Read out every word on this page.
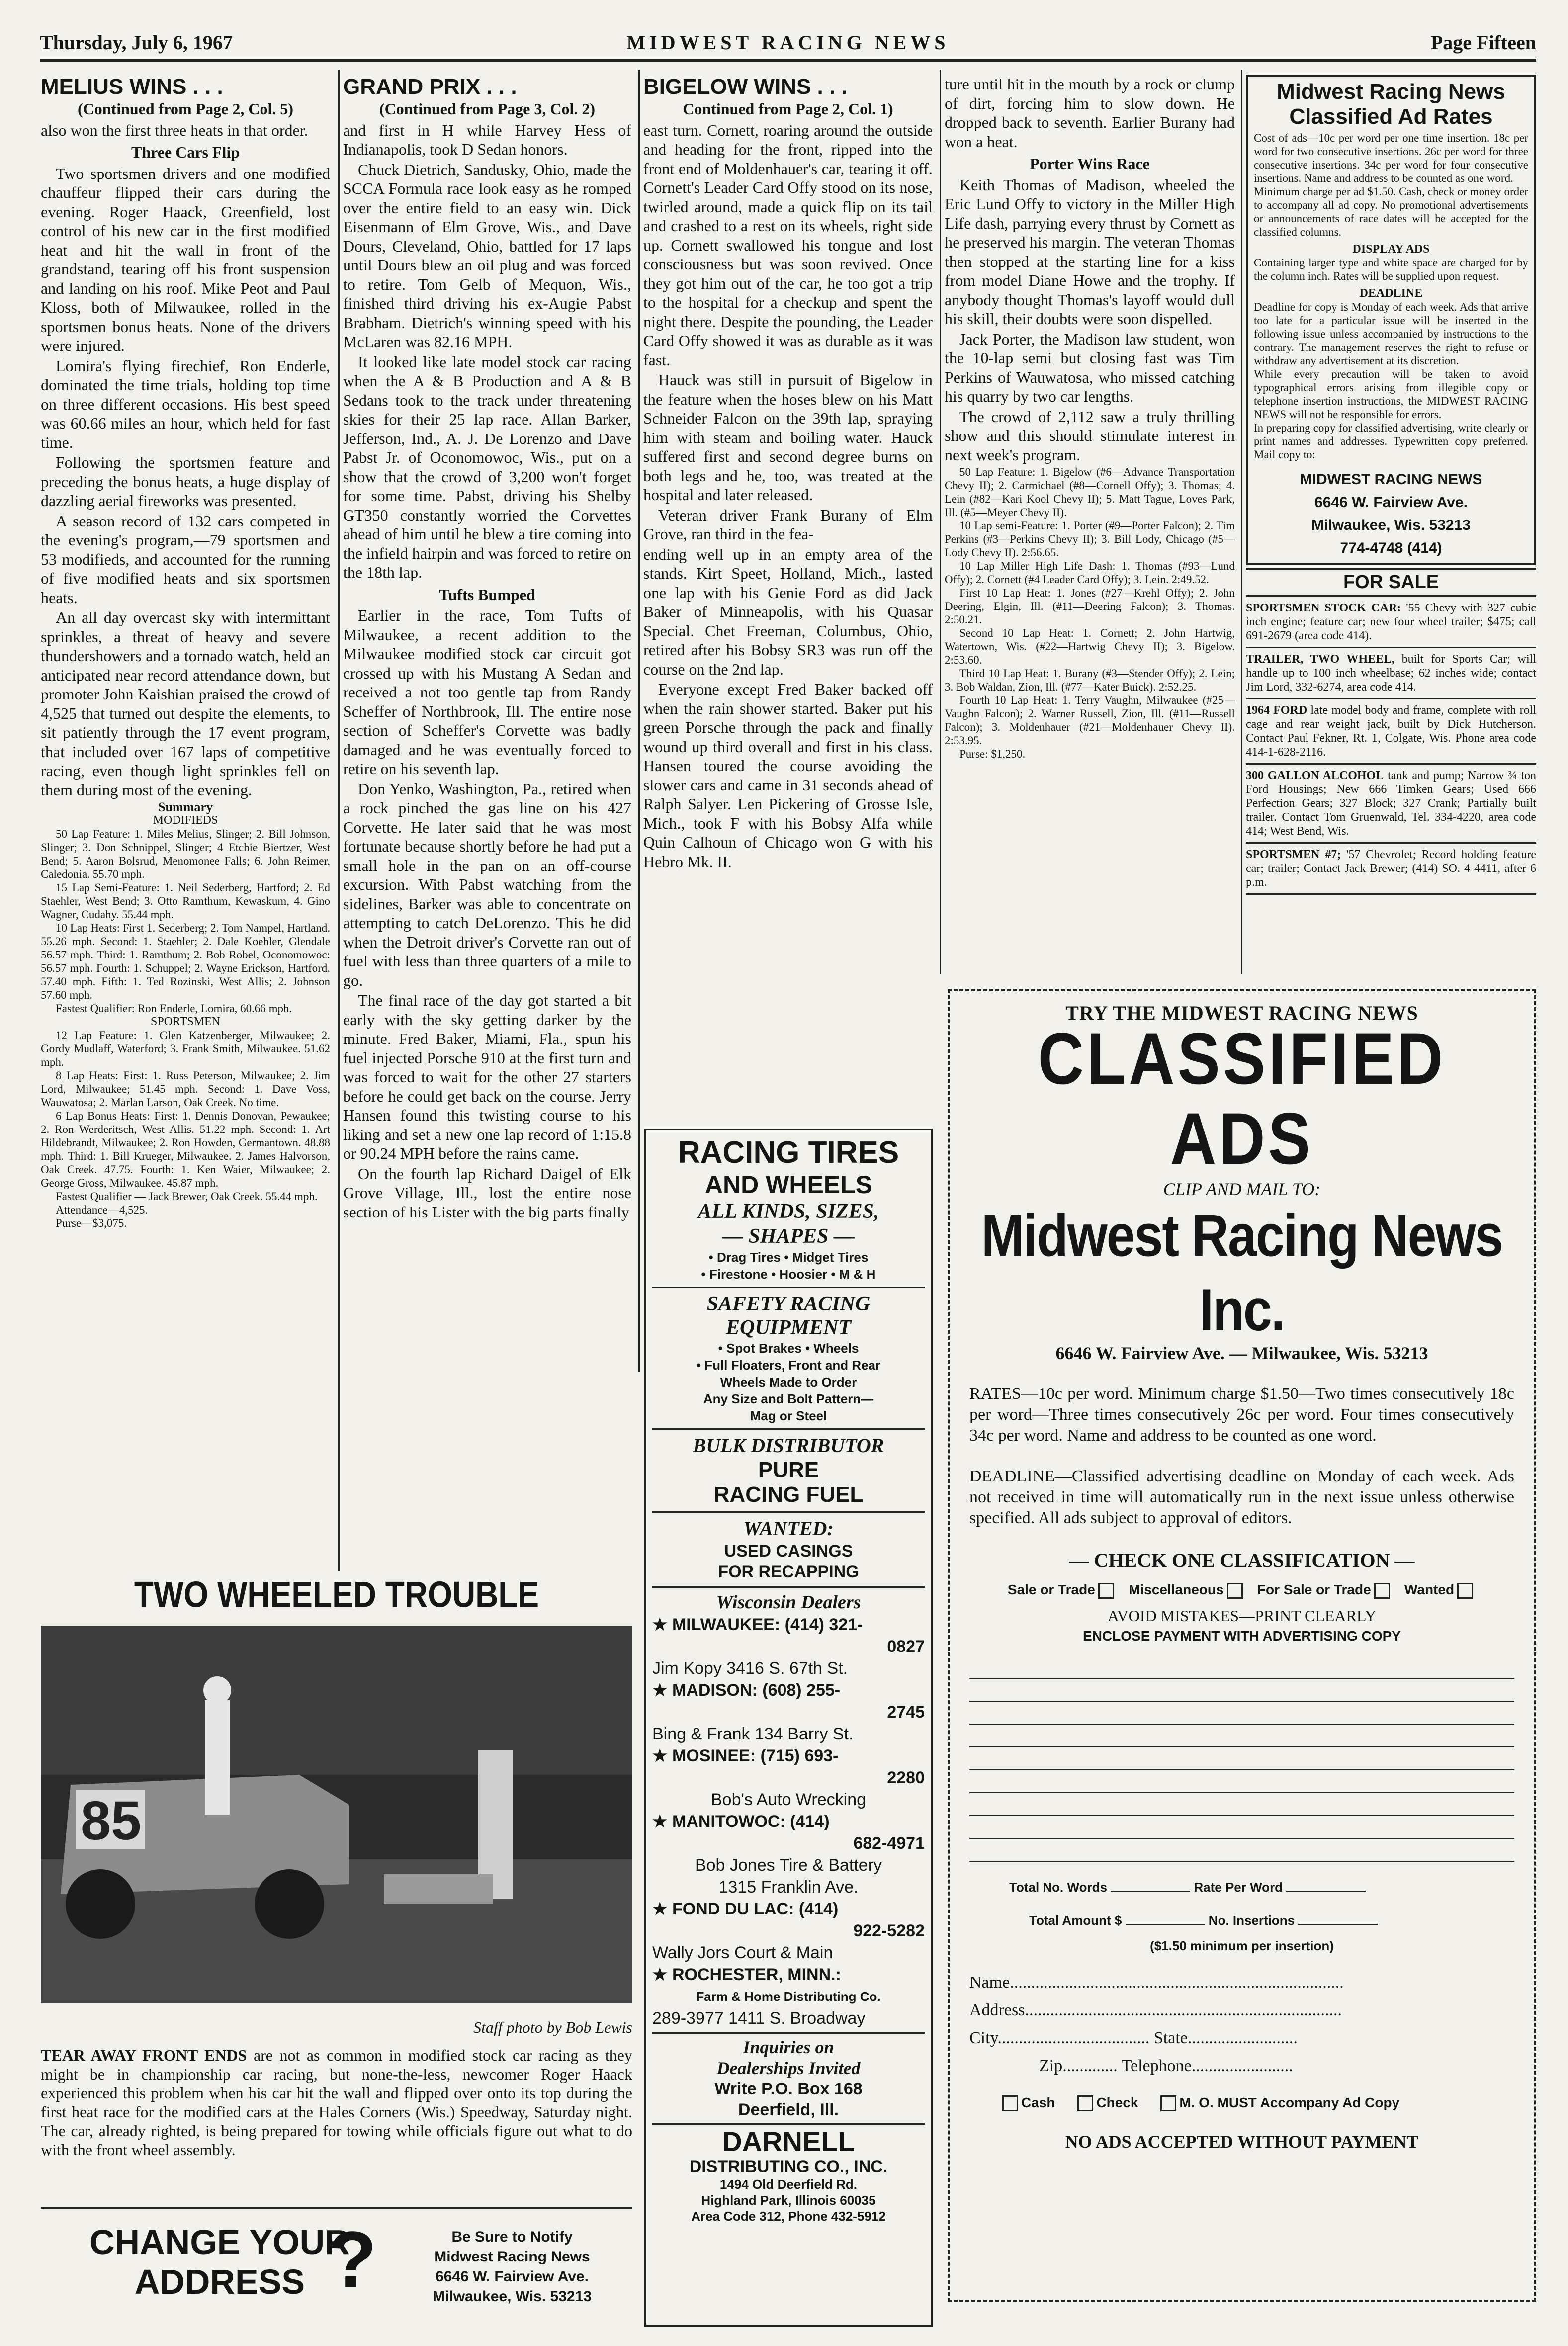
Thursday, July 6, 1967	MIDWEST RACING NEWS	Page Fifteen
MELIUS WINS . . .
(Continued from Page 2, Col. 5)

also won the first three heats in that order.

Three Cars Flip

Two sportsmen drivers and one modified chauffeur flipped their cars during the evening. Roger Haack, Greenfield, lost control of his new car in the first modified heat and hit the wall in front of the grandstand, tearing off his front suspension and landing on his roof. Mike Peot and Paul Kloss, both of Milwaukee, rolled in the sportsmen bonus heats. None of the drivers were injured.

Lomira's flying firechief, Ron Enderle, dominated the time trials, holding top time on three different occasions. His best speed was 60.66 miles an hour, which held for fast time.

Following the sportsmen feature and preceding the bonus heats, a huge display of dazzling aerial fireworks was presented.

A season record of 132 cars competed in the evening's program,—79 sportsmen and 53 modifieds, and accounted for the running of five modified heats and six sportsmen heats.

An all day overcast sky with intermittant sprinkles, a threat of heavy and severe thundershowers and a tornado watch, held an anticipated near record attendance down, but promoter John Kaishian praised the crowd of 4,525 that turned out despite the elements, to sit patiently through the 17 event program, that included over 167 laps of competitive racing, even though light sprinkles fell on them during most of the evening.

Summary
MODIFIEDS

50 Lap Feature: 1. Miles Melius, Slinger; 2. Bill Johnson, Slinger; 3. Don Schnippel, Slinger; 4 Etchie Biertzer, West Bend; 5. Aaron Bolsrud, Menomonee Falls; 6. John Reimer, Caledonia. 55.70 mph.

15 Lap Semi-Feature: 1. Neil Sederberg, Hartford; 2. Ed Staehler, West Bend; 3. Otto Ramthum, Kewaskum, 4. Gino Wagner, Cudahy. 55.44 mph.

10 Lap Heats: First 1. Sederberg; 2. Tom Nampel, Hartland. 55.26 mph. Second: 1. Staehler; 2. Dale Koehler, Glendale 56.57 mph. Third: 1. Ramthum; 2. Bob Robel, Oconomowoc: 56.57 mph. Fourth: 1. Schuppel; 2. Wayne Erickson, Hartford. 57.40 mph. Fifth: 1. Ted Rozinski, West Allis; 2. Johnson 57.60 mph.

Fastest Qualifier: Ron Enderle, Lomira, 60.66 mph.

SPORTSMEN

12 Lap Feature: 1. Glen Katzenberger, Milwaukee; 2. Gordy Mudlaff, Waterford; 3. Frank Smith, Milwaukee. 51.62 mph.

8 Lap Heats: First: 1. Russ Peterson, Milwaukee; 2. Jim Lord, Milwaukee; 51.45 mph. Second: 1. Dave Voss, Wauwatosa; 2. Marlan Larson, Oak Creek. No time.

6 Lap Bonus Heats: First: 1. Dennis Donovan, Pewaukee; 2. Ron Werderitsch, West Allis. 51.22 mph. Second: 1. Art Hildebrandt, Milwaukee; 2. Ron Howden, Germantown. 48.88 mph. Third: 1. Bill Krueger, Milwaukee. 2. James Halvorson, Oak Creek. 47.75. Fourth: 1. Ken Waier, Milwaukee; 2. George Gross, Milwaukee. 45.87 mph.

Fastest Qualifier — Jack Brewer, Oak Creek. 55.44 mph.

Attendance—4,525.

Purse—$3,075.

GRAND PRIX . . .
(Continued from Page 3, Col. 2)

and first in H while Harvey Hess of Indianapolis, took D Sedan honors.

Chuck Dietrich, Sandusky, Ohio, made the SCCA Formula race look easy as he romped over the entire field to an easy win. Dick Eisenmann of Elm Grove, Wis., and Dave Dours, Cleveland, Ohio, battled for 17 laps until Dours blew an oil plug and was forced to retire. Tom Gelb of Mequon, Wis., finished third driving his ex-Augie Pabst Brabham. Dietrich's winning speed with his McLaren was 82.16 MPH.

It looked like late model stock car racing when the A & B Production and A & B Sedans took to the track under threatening skies for their 25 lap race. Allan Barker, Jefferson, Ind., A. J. De Lorenzo and Dave Pabst Jr. of Oconomowoc, Wis., put on a show that the crowd of 3,200 won't forget for some time. Pabst, driving his Shelby GT350 constantly worried the Corvettes ahead of him until he blew a tire coming into the infield hairpin and was forced to retire on the 18th lap.

Tufts Bumped

Earlier in the race, Tom Tufts of Milwaukee, a recent addition to the Milwaukee modified stock car circuit got crossed up with his Mustang A Sedan and received a not too gentle tap from Randy Scheffer of Northbrook, Ill. The entire nose section of Scheffer's Corvette was badly damaged and he was eventually forced to retire on his seventh lap.

Don Yenko, Washington, Pa., retired when a rock pinched the gas line on his 427 Corvette. He later said that he was most fortunate because shortly before he had put a small hole in the pan on an off-course excursion. With Pabst watching from the sidelines, Barker was able to concentrate on attempting to catch DeLorenzo. This he did when the Detroit driver's Corvette ran out of fuel with less than three quarters of a mile to go.

The final race of the day got started a bit early with the sky getting darker by the minute. Fred Baker, Miami, Fla., spun his fuel injected Porsche 910 at the first turn and was forced to wait for the other 27 starters before he could get back on the course. Jerry Hansen found this twisting course to his liking and set a new one lap record of 1:15.8 or 90.24 MPH before the rains came.

On the fourth lap Richard Daigel of Elk Grove Village, Ill., lost the entire nose section of his Lister with the big parts finally

BIGELOW WINS . . .
Continued from Page 2, Col. 1)

east turn. Cornett, roaring around the outside and heading for the front, ripped into the front end of Moldenhauer's car, tearing it off. Cornett's Leader Card Offy stood on its nose, twirled around, made a quick flip on its tail and crashed to a rest on its wheels, right side up. Cornett swallowed his tongue and lost consciousness but was soon revived. Once they got him out of the car, he too got a trip to the hospital for a checkup and spent the night there. Despite the pounding, the Leader Card Offy showed it was as durable as it was fast.

Hauck was still in pursuit of Bigelow in the feature when the hoses blew on his Matt Schneider Falcon on the 39th lap, spraying him with steam and boiling water. Hauck suffered first and second degree burns on both legs and he, too, was treated at the hospital and later released.

Veteran driver Frank Burany of Elm Grove, ran third in the fea-

ending well up in an empty area of the stands. Kirt Speet, Holland, Mich., lasted one lap with his Genie Ford as did Jack Baker of Minneapolis, with his Quasar Special. Chet Freeman, Columbus, Ohio, retired after his Bobsy SR3 was run off the course on the 2nd lap.

Everyone except Fred Baker backed off when the rain shower started. Baker put his green Porsche through the pack and finally wound up third overall and first in his class. Hansen toured the course avoiding the slower cars and came in 31 seconds ahead of Ralph Salyer. Len Pickering of Grosse Isle, Mich., took F with his Bobsy Alfa while Quin Calhoun of Chicago won G with his Hebro Mk. II.

ture until hit in the mouth by a rock or clump of dirt, forcing him to slow down. He dropped back to seventh. Earlier Burany had won a heat.

Porter Wins Race

Keith Thomas of Madison, wheeled the Eric Lund Offy to victory in the Miller High Life dash, parrying every thrust by Cornett as he preserved his margin. The veteran Thomas then stopped at the starting line for a kiss from model Diane Howe and the trophy. If anybody thought Thomas's layoff would dull his skill, their doubts were soon dispelled.

Jack Porter, the Madison law student, won the 10-lap semi but closing fast was Tim Perkins of Wauwatosa, who missed catching his quarry by two car lengths.

The crowd of 2,112 saw a truly thrilling show and this should stimulate interest in next week's program.

50 Lap Feature: 1. Bigelow (#6—Advance Transportation Chevy II); 2. Carmichael (#8—Cornell Offy); 3. Thomas; 4. Lein (#82—Kari Kool Chevy II); 5. Matt Tague, Loves Park, Ill. (#5—Meyer Chevy II).

10 Lap semi-Feature: 1. Porter (#9—Porter Falcon); 2. Tim Perkins (#3—Perkins Chevy II); 3. Bill Lody, Chicago (#5—Lody Chevy II). 2:56.65.

10 Lap Miller High Life Dash: 1. Thomas (#93—Lund Offy); 2. Cornett (#4 Leader Card Offy); 3. Lein. 2:49.52.

First 10 Lap Heat: 1. Jones (#27—Krehl Offy); 2. John Deering, Elgin, Ill. (#11—Deering Falcon); 3. Thomas. 2:50.21.

Second 10 Lap Heat: 1. Cornett; 2. John Hartwig, Watertown, Wis. (#22—Hartwig Chevy II); 3. Bigelow. 2:53.60.

Third 10 Lap Heat: 1. Burany (#3—Stender Offy); 2. Lein; 3. Bob Waldan, Zion, Ill. (#77—Kater Buick). 2:52.25.

Fourth 10 Lap Heat: 1. Terry Vaughn, Milwaukee (#25—Vaughn Falcon); 2. Warner Russell, Zion, Ill. (#11—Russell Falcon); 3. Moldenhauer (#21—Moldenhauer Chevy II). 2:53.95.

Purse: $1,250.

Midwest Racing News
Classified Ad Rates

Cost of ads—10c per word per one time insertion. 18c per word for two consecutive insertions. 26c per word for three consecutive insertions. 34c per word for four consecutive insertions. Name and address to be counted as one word.

Minimum charge per ad $1.50. Cash, check or money order to accompany all ad copy. No promotional advertisements or announcements of race dates will be accepted for the classified columns.

DISPLAY ADS

Containing larger type and white space are charged for by the column inch. Rates will be supplied upon request.

DEADLINE

Deadline for copy is Monday of each week. Ads that arrive too late for a particular issue will be inserted in the following issue unless accompanied by instructions to the contrary. The management reserves the right to refuse or withdraw any advertisement at its discretion.

While every precaution will be taken to avoid typographical errors arising from illegible copy or telephone insertion instructions, the MIDWEST RACING NEWS will not be responsible for errors.

In preparing copy for classified advertising, write clearly or print names and addresses. Typewritten copy preferred. Mail copy to:

MIDWEST RACING NEWS
6646 W. Fairview Ave.
Milwaukee, Wis. 53213
774-4748 (414)
FOR SALE

SPORTSMEN STOCK CAR: '55 Chevy with 327 cubic inch engine; feature car; new four wheel trailer; $475; call 691-2679 (area code 414).

TRAILER, TWO WHEEL, built for Sports Car; will handle up to 100 inch wheelbase; 62 inches wide; contact Jim Lord, 332-6274, area code 414.

1964 FORD late model body and frame, complete with roll cage and rear weight jack, built by Dick Hutcherson. Contact Paul Fekner, Rt. 1, Colgate, Wis. Phone area code 414-1-628-2116.

300 GALLON ALCOHOL tank and pump; Narrow ¾ ton Ford Housings; New 666 Timken Gears; Used 666 Perfection Gears; 327 Block; 327 Crank; Partially built trailer. Contact Tom Gruenwald, Tel. 334-4220, area code 414; West Bend, Wis.

SPORTSMEN #7; '57 Chevrolet; Record holding feature car; trailer; Contact Jack Brewer; (414) SO. 4-4411, after 6 p.m.

TRY THE MIDWEST RACING NEWS
CLASSIFIED ADS
CLIP AND MAIL TO:
Midwest Racing News Inc.
6646 W. Fairview Ave. — Milwaukee, Wis. 53213
RATES—10c per word. Minimum charge $1.50—Two times consecutively 18c per word—Three times consecutively 26c per word. Four times consecutively 34c per word. Name and address to be counted as one word.
DEADLINE—Classified advertising deadline on Monday of each week. Ads not received in time will automatically run in the next issue unless otherwise specified. All ads subject to approval of editors.
— CHECK ONE CLASSIFICATION —
Sale or Trade Miscellaneous For Sale or Trade Wanted
AVOID MISTAKES—PRINT CLEARLY
ENCLOSE PAYMENT WITH ADVERTISING COPY
Total No. Words	Rate Per Word
Total Amount $	No. Insertions
($1.50 minimum per insertion)
Name...............................................................................
Address...........................................................................
City.................................... State..........................
Zip............. Telephone........................
Cash	Check	M. O. MUST Accompany Ad Copy
NO ADS ACCEPTED WITHOUT PAYMENT
TWO WHEELED TROUBLE
85
Staff photo by Bob Lewis

TEAR AWAY FRONT ENDS are not as common in modified stock car racing as they might be in championship car racing, but none-the-less, newcomer Roger Haack experienced this problem when his car hit the wall and flipped over onto its top during the first heat race for the modified cars at the Hales Corners (Wis.) Speedway, Saturday night. The car, already righted, is being prepared for towing while officials figure out what to do with the front wheel assembly.

CHANGE YOUR
ADDRESS ?	Be Sure to Notify
Midwest Racing News
6646 W. Fairview Ave.
Milwaukee, Wis. 53213
RACING TIRES
AND WHEELS
ALL KINDS, SIZES,
— SHAPES —
• Drag Tires • Midget Tires
• Firestone • Hoosier • M & H
SAFETY RACING
EQUIPMENT
• Spot Brakes • Wheels
• Full Floaters, Front and Rear
Wheels Made to Order
Any Size and Bolt Pattern—
Mag or Steel
BULK DISTRIBUTOR
PURE
RACING FUEL
WANTED:
USED CASINGS
FOR RECAPPING
Wisconsin Dealers
★ MILWAUKEE: (414) 321-
0827
Jim Kopy 3416 S. 67th St.
★ MADISON: (608) 255-
2745
Bing & Frank 134 Barry St.
★ MOSINEE: (715) 693-
2280
Bob's Auto Wrecking
★ MANITOWOC: (414)
682-4971
Bob Jones Tire & Battery
1315 Franklin Ave.
★ FOND DU LAC: (414)
922-5282
Wally Jors Court & Main
★ ROCHESTER, MINN.:
Farm & Home Distributing Co.
289-3977 1411 S. Broadway
Inquiries on
Dealerships Invited
Write P.O. Box 168
Deerfield, Ill.
DARNELL
DISTRIBUTING CO., INC.
1494 Old Deerfield Rd.
Highland Park, Illinois 60035
Area Code 312, Phone 432-5912
